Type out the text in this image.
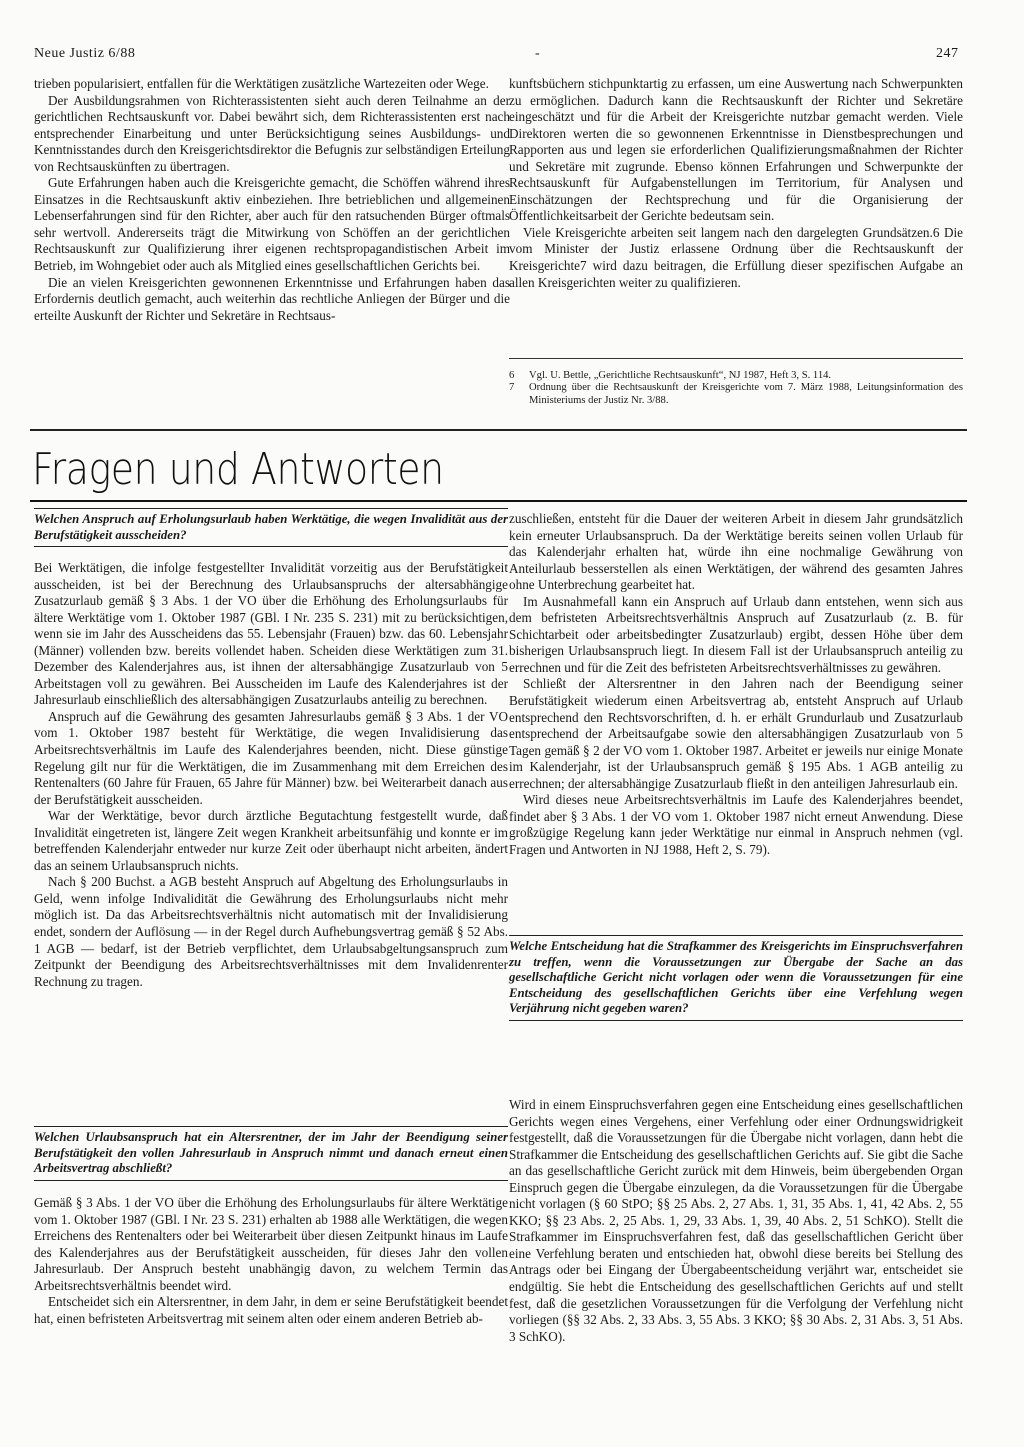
Neue Justiz 6/88	-	247

trieben popularisiert, entfallen für die Werktätigen zusätzliche Wartezeiten oder Wege.

Der Ausbildungsrahmen von Richterassistenten sieht auch deren Teilnahme an der gerichtlichen Rechtsauskunft vor. Dabei bewährt sich, dem Richterassistenten erst nach entsprechender Einarbeitung und unter Berücksichtigung seines Ausbildungs- und Kenntnisstandes durch den Kreisgerichtsdirektor die Befugnis zur selbständigen Erteilung von Rechtsauskünften zu übertragen.

Gute Erfahrungen haben auch die Kreisgerichte gemacht, die Schöffen während ihres Einsatzes in die Rechtsauskunft aktiv einbeziehen. Ihre betrieblichen und allgemeinen Lebenserfahrungen sind für den Richter, aber auch für den ratsuchenden Bürger oftmals sehr wertvoll. Andererseits trägt die Mitwirkung von Schöffen an der gerichtlichen Rechtsauskunft zur Qualifizierung ihrer eigenen rechtspropagandistischen Arbeit im Betrieb, im Wohngebiet oder auch als Mitglied eines gesellschaftlichen Gerichts bei.

Die an vielen Kreisgerichten gewonnenen Erkenntnisse und Erfahrungen haben das Erfordernis deutlich gemacht, auch weiterhin das rechtliche Anliegen der Bürger und die erteilte Auskunft der Richter und Sekretäre in Rechtsaus-

kunftsbüchern stichpunktartig zu erfassen, um eine Auswertung nach Schwerpunkten zu ermöglichen. Dadurch kann die Rechtsauskunft der Richter und Sekretäre eingeschätzt und für die Arbeit der Kreisgerichte nutzbar gemacht werden. Viele Direktoren werten die so gewonnenen Erkenntnisse in Dienstbesprechungen und Rapporten aus und legen sie erforderlichen Qualifizierungsmaßnahmen der Richter und Sekretäre mit zugrunde. Ebenso können Erfahrungen und Schwerpunkte der Rechtsauskunft für Aufgabenstellungen im Territorium, für Analysen und Einschätzungen der Rechtsprechung und für die Organisierung der Öffentlichkeitsarbeit der Gerichte bedeutsam sein.

Viele Kreisgerichte arbeiten seit langem nach den dargelegten Grundsätzen.6 Die vom Minister der Justiz erlassene Ordnung über die Rechtsauskunft der Kreisgerichte7 wird dazu beitragen, die Erfüllung dieser spezifischen Aufgabe an allen Kreisgerichten weiter zu qualifizieren.

6	Vgl. U. Bettle, „Gerichtliche Rechtsauskunft“, NJ 1987, Heft 3, S. 114.
7	Ordnung über die Rechtsauskunft der Kreisgerichte vom 7. März 1988, Leitungsinformation des Ministeriums der Justiz Nr. 3/88.
Fragen und Antworten
Welchen Anspruch auf Erholungsurlaub haben Werktätige, die wegen Invalidität aus der Berufstätigkeit ausscheiden?

Bei Werktätigen, die infolge festgestellter Invalidität vorzeitig aus der Berufstätigkeit ausscheiden, ist bei der Berechnung des Urlaubsanspruchs der altersabhängige Zusatzurlaub gemäß § 3 Abs. 1 der VO über die Erhöhung des Erholungsurlaubs für ältere Werktätige vom 1. Oktober 1987 (GBl. I Nr. 235 S. 231) mit zu berücksichtigen, wenn sie im Jahr des Ausscheidens das 55. Lebensjahr (Frauen) bzw. das 60. Lebensjahr (Männer) vollenden bzw. bereits vollendet haben. Scheiden diese Werktätigen zum 31. Dezember des Kalenderjahres aus, ist ihnen der altersabhängige Zusatzurlaub von 5 Arbeitstagen voll zu gewähren. Bei Ausscheiden im Laufe des Kalenderjahres ist der Jahresurlaub einschließlich des altersabhängigen Zusatzurlaubs anteilig zu berechnen.

Anspruch auf die Gewährung des gesamten Jahresurlaubs gemäß § 3 Abs. 1 der VO vom 1. Oktober 1987 besteht für Werktätige, die wegen Invalidisierung das Arbeitsrechtsverhältnis im Laufe des Kalenderjahres beenden, nicht. Diese günstige Regelung gilt nur für die Werktätigen, die im Zusammenhang mit dem Erreichen des Rentenalters (60 Jahre für Frauen, 65 Jahre für Männer) bzw. bei Weiterarbeit danach aus der Berufstätigkeit ausscheiden.

War der Werktätige, bevor durch ärztliche Begutachtung festgestellt wurde, daß Invalidität eingetreten ist, längere Zeit wegen Krankheit arbeitsunfähig und konnte er im betreffenden Kalenderjahr entweder nur kurze Zeit oder überhaupt nicht arbeiten, ändert das an seinem Urlaubsanspruch nichts.

Nach § 200 Buchst. a AGB besteht Anspruch auf Abgeltung des Erholungsurlaubs in Geld, wenn infolge Indivalidität die Gewährung des Erholungsurlaubs nicht mehr möglich ist. Da das Arbeitsrechtsverhältnis nicht automatisch mit der Invalidisierung endet, sondern der Auflösung — in der Regel durch Aufhebungsvertrag gemäß § 52 Abs. 1 AGB — bedarf, ist der Betrieb verpflichtet, dem Urlaubsabgeltungsanspruch zum Zeitpunkt der Beendigung des Arbeitsrechtsverhältnisses mit dem Invalidenrenter Rechnung zu tragen.

Welchen Urlaubsanspruch hat ein Altersrentner, der im Jahr der Beendigung seiner Berufstätigkeit den vollen Jahresurlaub in Anspruch nimmt und danach erneut einen Arbeitsvertrag abschließt?

Gemäß § 3 Abs. 1 der VO über die Erhöhung des Erholungsurlaubs für ältere Werktätige vom 1. Oktober 1987 (GBl. I Nr. 23 S. 231) erhalten ab 1988 alle Werktätigen, die wegen Erreichens des Rentenalters oder bei Weiterarbeit über diesen Zeitpunkt hinaus im Laufe des Kalenderjahres aus der Berufstätigkeit ausscheiden, für dieses Jahr den vollen Jahresurlaub. Der Anspruch besteht unabhängig davon, zu welchem Termin das Arbeitsrechtsverhältnis beendet wird.

Entscheidet sich ein Altersrentner, in dem Jahr, in dem er seine Berufstätigkeit beendet hat, einen befristeten Arbeitsvertrag mit seinem alten oder einem anderen Betrieb ab-

zuschließen, entsteht für die Dauer der weiteren Arbeit in diesem Jahr grundsätzlich kein erneuter Urlaubsanspruch. Da der Werktätige bereits seinen vollen Urlaub für das Kalenderjahr erhalten hat, würde ihn eine nochmalige Gewährung von Anteilurlaub besserstellen als einen Werktätigen, der während des gesamten Jahres ohne Unterbrechung gearbeitet hat.

Im Ausnahmefall kann ein Anspruch auf Urlaub dann entstehen, wenn sich aus dem befristeten Arbeitsrechtsverhältnis Anspruch auf Zusatzurlaub (z. B. für Schichtarbeit oder arbeitsbedingter Zusatzurlaub) ergibt, dessen Höhe über dem bisherigen Urlaubsanspruch liegt. In diesem Fall ist der Urlaubsanspruch anteilig zu errechnen und für die Zeit des befristeten Arbeitsrechtsverhältnisses zu gewähren.

Schließt der Altersrentner in den Jahren nach der Beendigung seiner Berufstätigkeit wiederum einen Arbeitsvertrag ab, entsteht Anspruch auf Urlaub entsprechend den Rechtsvorschriften, d. h. er erhält Grundurlaub und Zusatzurlaub entsprechend der Arbeitsaufgabe sowie den altersabhängigen Zusatzurlaub von 5 Tagen gemäß § 2 der VO vom 1. Oktober 1987. Arbeitet er jeweils nur einige Monate im Kalenderjahr, ist der Urlaubsanspruch gemäß § 195 Abs. 1 AGB anteilig zu errechnen; der altersabhängige Zusatzurlaub fließt in den anteiligen Jahresurlaub ein.

Wird dieses neue Arbeitsrechtsverhältnis im Laufe des Kalenderjahres beendet, findet aber § 3 Abs. 1 der VO vom 1. Oktober 1987 nicht erneut Anwendung. Diese großzügige Regelung kann jeder Werktätige nur einmal in Anspruch nehmen (vgl. Fragen und Antworten in NJ 1988, Heft 2, S. 79).

Welche Entscheidung hat die Strafkammer des Kreisgerichts im Einspruchsverfahren zu treffen, wenn die Voraussetzungen zur Übergabe der Sache an das gesellschaftliche Gericht nicht vorlagen oder wenn die Voraussetzungen für eine Entscheidung des gesellschaftlichen Gerichts über eine Verfehlung wegen Verjährung nicht gegeben waren?

Wird in einem Einspruchsverfahren gegen eine Entscheidung eines gesellschaftlichen Gerichts wegen eines Vergehens, einer Verfehlung oder einer Ordnungswidrigkeit festgestellt, daß die Voraussetzungen für die Übergabe nicht vorlagen, dann hebt die Strafkammer die Entscheidung des gesellschaftlichen Gerichts auf. Sie gibt die Sache an das gesellschaftliche Gericht zurück mit dem Hinweis, beim übergebenden Organ Einspruch gegen die Übergabe einzulegen, da die Voraussetzungen für die Übergabe nicht vorlagen (§ 60 StPO; §§ 25 Abs. 2, 27 Abs. 1, 31, 35 Abs. 1, 41, 42 Abs. 2, 55 KKO; §§ 23 Abs. 2, 25 Abs. 1, 29, 33 Abs. 1, 39, 40 Abs. 2, 51 SchKO). Stellt die Strafkammer im Einspruchsverfahren fest, daß das gesellschaftlichen Gericht über eine Verfehlung beraten und entschieden hat, obwohl diese bereits bei Stellung des Antrags oder bei Eingang der Übergabeentscheidung verjährt war, entscheidet sie endgültig. Sie hebt die Entscheidung des gesellschaftlichen Gerichts auf und stellt fest, daß die gesetzlichen Voraussetzungen für die Verfolgung der Verfehlung nicht vorliegen (§§ 32 Abs. 2, 33 Abs. 3, 55 Abs. 3 KKO; §§ 30 Abs. 2, 31 Abs. 3, 51 Abs. 3 SchKO).
